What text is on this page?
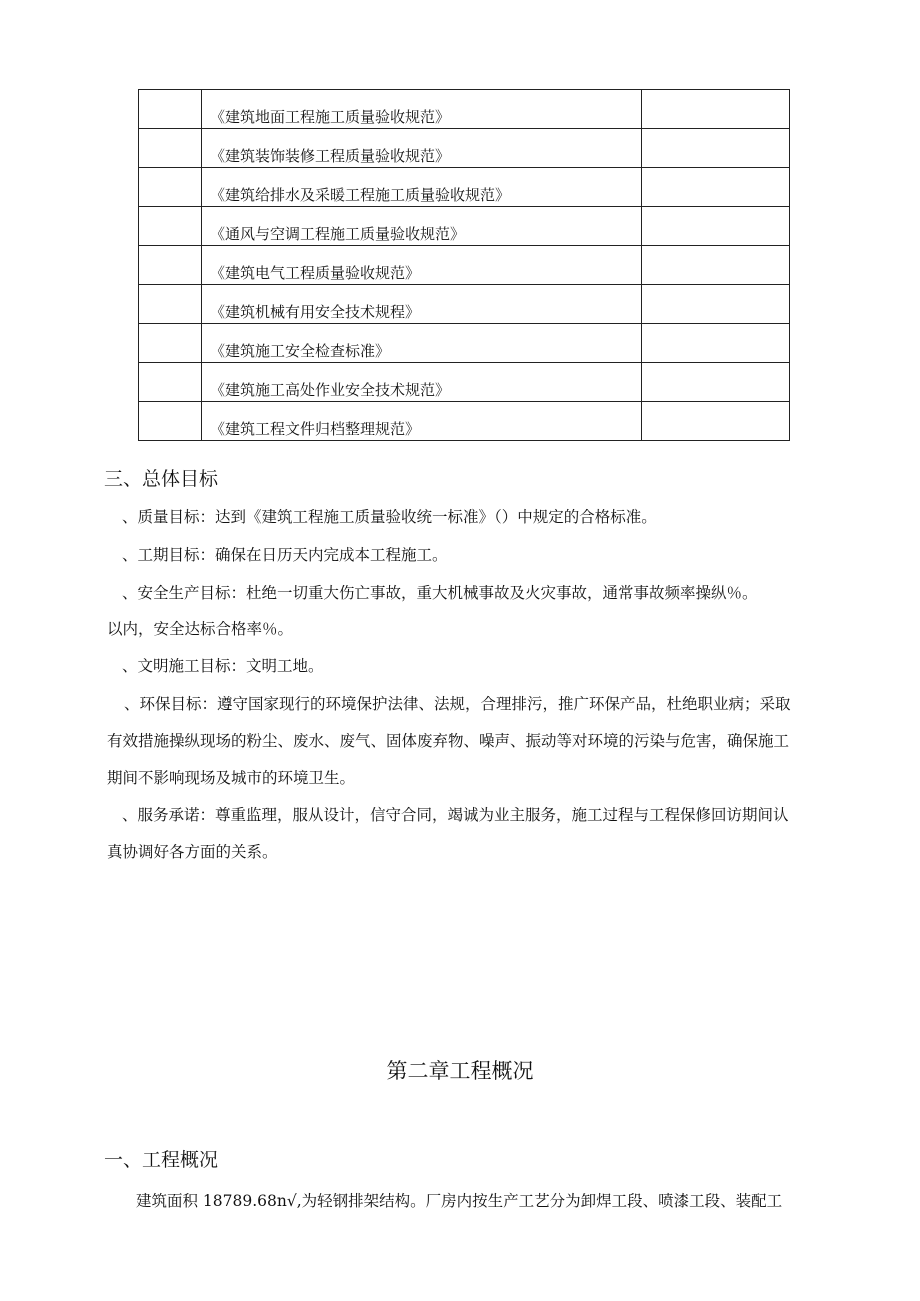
	《建筑地面工程施工质量验收规范》	
	《建筑装饰装修工程质量验收规范》	
	《建筑给排水及采暖工程施工质量验收规范》	
	《通风与空调工程施工质量验收规范》	
	《建筑电气工程质量验收规范》	
	《建筑机械有用安全技术规程》	
	《建筑施工安全检查标准》	
	《建筑施工高处作业安全技术规范》	
	《建筑工程文件归档整理规范》	
三、总体目标

、质量目标：达到《建筑工程施工质量验收统一标准》（）中规定的合格标准。

、工期目标：确保在日历天内完成本工程施工。

、安全生产目标：杜绝一切重大伤亡事故，重大机械事故及火灾事故，通常事故频率操纵％。

以内，安全达标合格率％。

、文明施工目标：文明工地。

、环保目标：遵守国家现行的环境保护法律、法规，合理排污，推广环保产品，杜绝职业病；采取有效措施操纵现场的粉尘、废水、废气、固体废弃物、噪声、振动等对环境的污染与危害，确保施工期间不影响现场及城市的环境卫生。

、服务承诺：尊重监理，服从设计，信守合同，竭诚为业主服务，施工过程与工程保修回访期间认真协调好各方面的关系。

第二章工程概况
一、工程概况

建筑面积 18789.68n√,为轻钢排架结构。厂房内按生产工艺分为卸焊工段、喷漆工段、装配工
